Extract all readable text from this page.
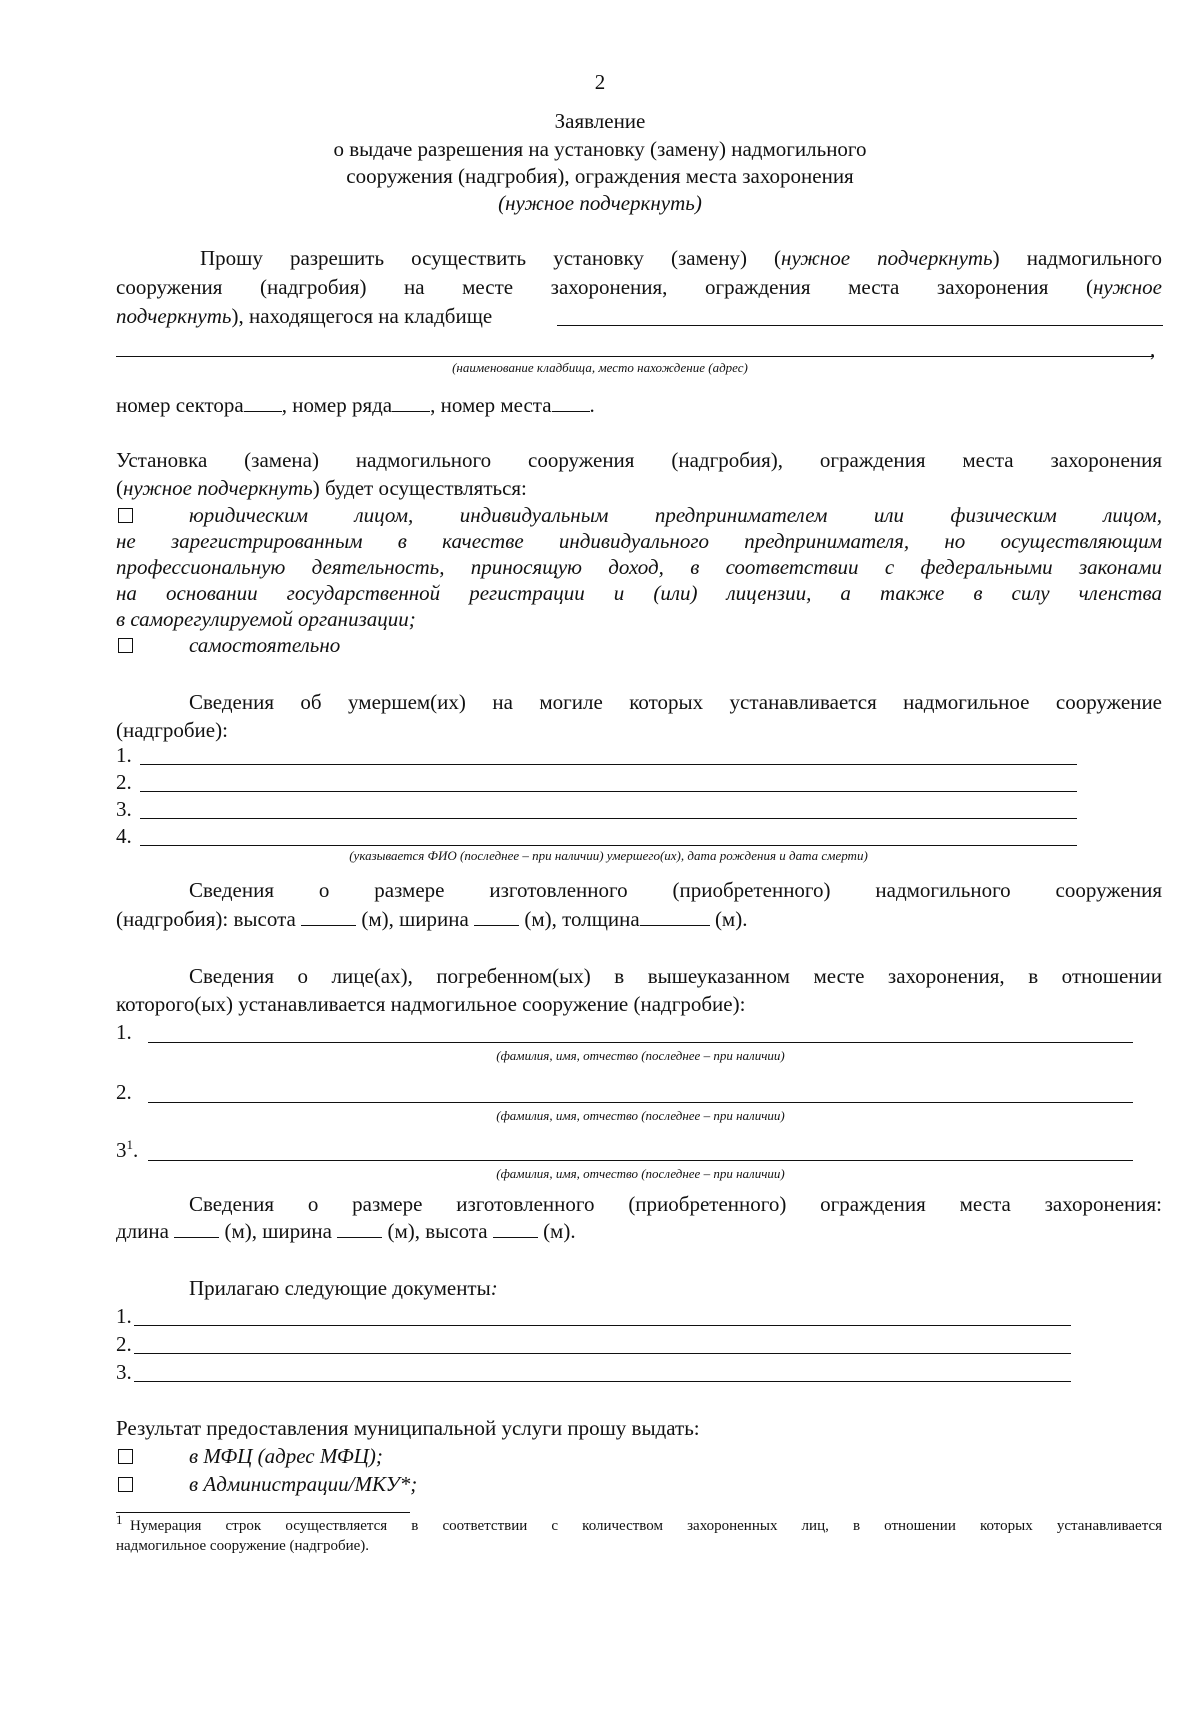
2
Заявление
о выдаче разрешения на установку (замену) надмогильного
сооружения (надгробия), ограждения места захоронения
(нужное подчеркнуть)
Прошу разрешить осуществить установку (замену) (нужное подчеркнуть) надмогильного
сооружения (надгробия) на месте захоронения, ограждения места захоронения (нужное
подчеркнуть), находящегося на кладбище
,
(наименование кладбища, место нахождение (адрес)
номер сектора , номер ряда , номер места .
Установка (замена) надмогильного сооружения (надгробия), ограждения места захоронения
(нужное подчеркнуть) будет осуществляться:
юридическим лицом, индивидуальным предпринимателем или физическим лицом,
не зарегистрированным в качестве индивидуального предпринимателя, но осуществляющим
профессиональную деятельность, приносящую доход, в соответствии с федеральными законами
на основании государственной регистрации и (или) лицензии, а также в силу членства
в саморегулируемой организации;
самостоятельно
Сведения об умершем(их) на могиле которых устанавливается надмогильное сооружение
(надгробие):
1.
2.
3.
4.
(указывается ФИО (последнее – при наличии) умершего(их), дата рождения и дата смерти)
Сведения о размере изготовленного (приобретенного) надмогильного сооружения
(надгробия): высота	(м), ширина	(м), толщина	(м).
Сведения о лице(ах), погребенном(ых) в вышеуказанном месте захоронения, в отношении
которого(ых) устанавливается надмогильное сооружение (надгробие):
1.
(фамилия, имя, отчество (последнее – при наличии)
2.
(фамилия, имя, отчество (последнее – при наличии)
$3^1$.
(фамилия, имя, отчество (последнее – при наличии)
Сведения о размере изготовленного (приобретенного) ограждения места захоронения:
длина	(м), ширина	(м), высота	(м).
Прилагаю следующие документы:
1.
2.
3.
Результат предоставления муниципальной услуги прошу выдать:
в МФЦ (адрес МФЦ);
в Администрации/МКУ*;
1 Нумерация строк осуществляется в соответствии с количеством захороненных лиц, в отношении которых устанавливается
надмогильное сооружение (надгробие).
